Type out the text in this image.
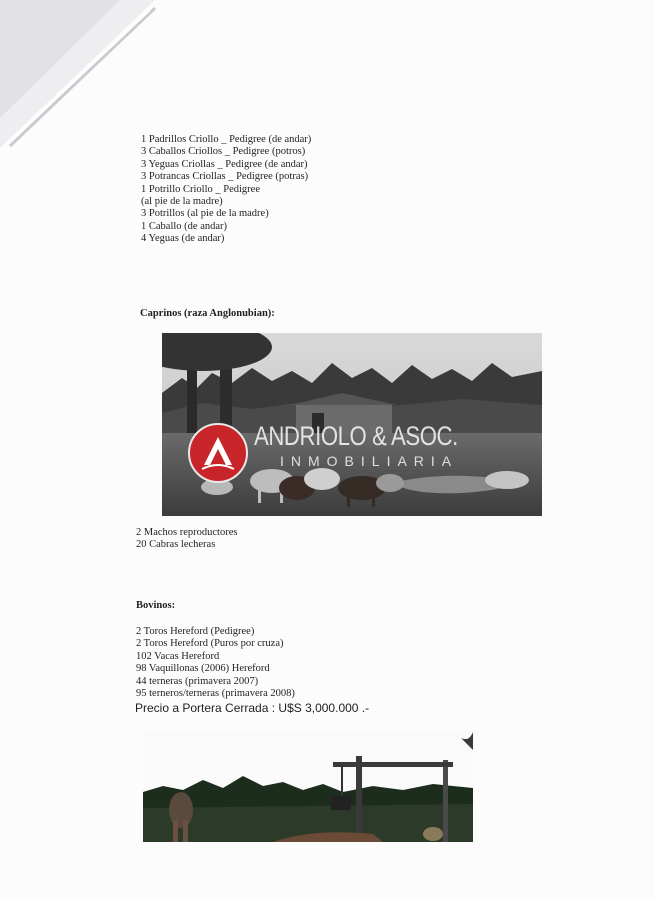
1 Padrillos Criollo _ Pedigree (de andar)
3 Caballos Criollos _ Pedigree (potros)
3 Yeguas Criollas _ Pedigree (de andar)
3 Potrancas Criollas _ Pedigree (potras)
1 Potrillo Criollo _ Pedigree
(al pie de la madre)
3 Potrillos (al pie de la madre)
1 Caballo (de andar)
4 Yeguas (de andar)
Caprinos (raza Anglonubian):
ANDRIOLO & ASOC.
INMOBILIARIA
2 Machos reproductores
20 Cabras lecheras
Bovinos:
2 Toros Hereford (Pedigree)
2 Toros Hereford (Puros por cruza)
102 Vacas Hereford
98 Vaquillonas (2006) Hereford
44 terneras (primavera 2007)
95 terneros/terneras (primavera 2008)
Precio a Portera Cerrada : U$S 3,000.000 .-
